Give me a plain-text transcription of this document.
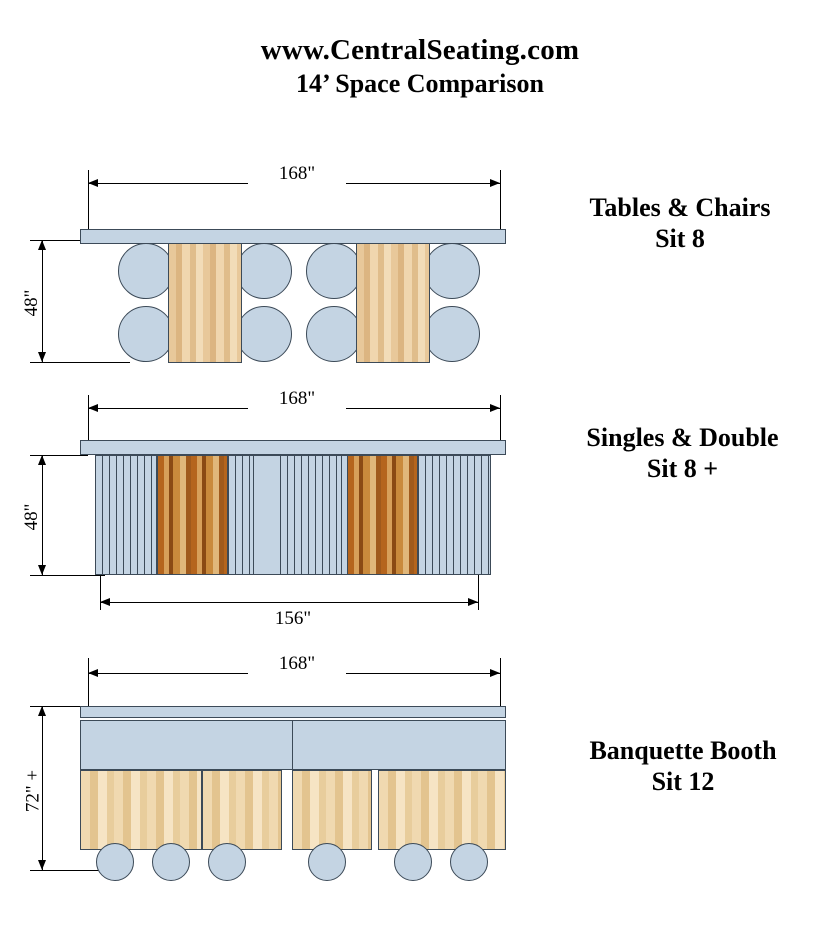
www.CentralSeating.com
14’ Space Comparison
168"
48"
Tables & Chairs
Sit 8
168"
48"
156"
Singles & Double
Sit 8 +
168"
72" +
Banquette Booth
Sit 12
